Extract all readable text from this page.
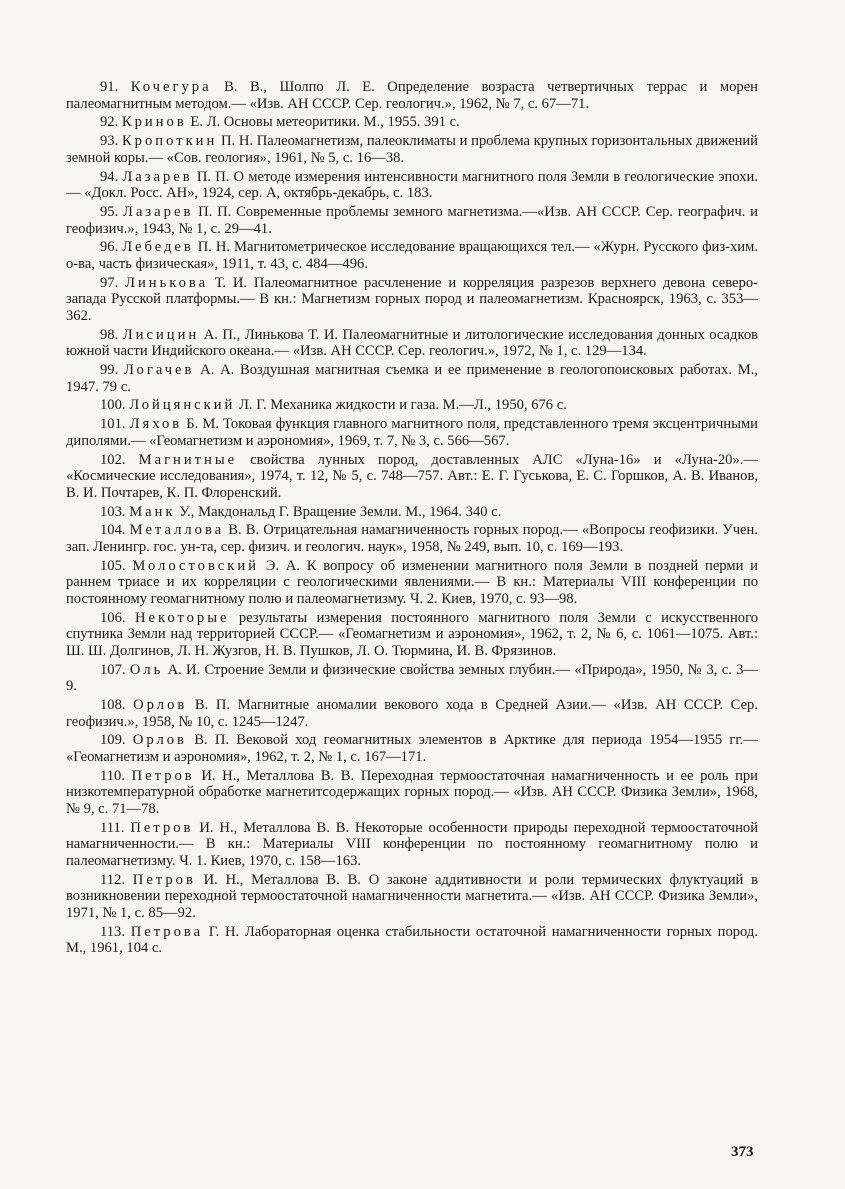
91. Кочегура В. В., Шолпо Л. Е. Определение возраста четвертичных террас и морен палеомагнитным методом.— «Изв. АН СССР. Сер. геологич.», 1962, № 7, с. 67—71.

92. Кринов Е. Л. Основы метеоритики. М., 1955. 391 с.

93. Кропоткин П. Н. Палеомагнетизм, палеоклиматы и проблема крупных горизонтальных движений земной коры.— «Сов. геология», 1961, № 5, с. 16—38.

94. Лазарев П. П. О методе измерения интенсивности магнитного поля Земли в геологические эпохи.— «Докл. Росс. АН», 1924, сер. А, октябрь-декабрь, с. 183.

95. Лазарев П. П. Современные проблемы земного магнетизма.—«Изв. АН СССР. Сер. географич. и геофизич.», 1943, № 1, с. 29—41.

96. Лебедев П. Н. Магнитометрическое исследование вращающихся тел.— «Журн. Русского физ-хим. о-ва, часть физическая», 1911, т. 43, с. 484—496.

97. Линькова Т. И. Палеомагнитное расчленение и корреляция разрезов верхнего девона северо-запада Русской платформы.— В кн.: Магнетизм горных пород и палеомагнетизм. Красноярск, 1963, с. 353—362.

98. Лисицин А. П., Линькова Т. И. Палеомагнитные и литологические исследования донных осадков южной части Индийского океана.— «Изв. АН СССР. Сер. геологич.», 1972, № 1, с. 129—134.

99. Логачев А. А. Воздушная магнитная съемка и ее применение в геологопоисковых работах. М., 1947. 79 с.

100. Лойцянский Л. Г. Механика жидкости и газа. М.—Л., 1950, 676 с.

101. Ляхов Б. М. Токовая функция главного магнитного поля, представленного тремя эксцентричными диполями.— «Геомагнетизм и аэрономия», 1969, т. 7, № 3, с. 566—567.

102. Магнитные свойства лунных пород, доставленных АЛС «Луна-16» и «Луна-20».— «Космические исследования», 1974, т. 12, № 5, с. 748—757. Авт.: Е. Г. Гуськова, Е. С. Горшков, А. В. Иванов, В. И. Почтарев, К. П. Флоренский.

103. Манк У., Макдональд Г. Вращение Земли. М., 1964. 340 с.

104. Металлова В. В. Отрицательная намагниченность горных пород.— «Вопросы геофизики. Учен. зап. Ленингр. гос. ун-та, сер. физич. и геологич. наук», 1958, № 249, вып. 10, с. 169—193.

105. Молостовский Э. А. К вопросу об изменении магнитного поля Земли в поздней перми и раннем триасе и их корреляции с геологическими явлениями.— В кн.: Материалы VIII конференции по постоянному геомагнитному полю и палеомагнетизму. Ч. 2. Киев, 1970, с. 93—98.

106. Некоторые результаты измерения постоянного магнитного поля Земли с искусственного спутника Земли над территорией СССР.— «Геомагнетизм и аэрономия», 1962, т. 2, № 6, с. 1061—1075. Авт.: Ш. Ш. Долгинов, Л. Н. Жузгов, Н. В. Пушков, Л. О. Тюрмина, И. В. Фрязинов.

107. Оль А. И. Строение Земли и физические свойства земных глубин.— «Природа», 1950, № 3, с. 3—9.

108. Орлов В. П. Магнитные аномалии векового хода в Средней Азии.— «Изв. АН СССР. Сер. геофизич.», 1958, № 10, с. 1245—1247.

109. Орлов В. П. Вековой ход геомагнитных элементов в Арктике для периода 1954—1955 гг.— «Геомагнетизм и аэрономия», 1962, т. 2, № 1, с. 167—171.

110. Петров И. Н., Металлова В. В. Переходная термоостаточная намагниченность и ее роль при низкотемпературной обработке магнетитсодержащих горных пород.— «Изв. АН СССР. Физика Земли», 1968, № 9, с. 71—78.

111. Петров И. Н., Металлова В. В. Некоторые особенности природы переходной термоостаточной намагниченности.— В кн.: Материалы VIII конференции по постоянному геомагнитному полю и палеомагнетизму. Ч. 1. Киев, 1970, с. 158—163.

112. Петров И. Н., Металлова В. В. О законе аддитивности и роли термических флуктуаций в возникновении переходной термоостаточной намагниченности магнетита.— «Изв. АН СССР. Физика Земли», 1971, № 1, с. 85—92.

113. Петрова Г. Н. Лабораторная оценка стабильности остаточной намагниченности горных пород. М., 1961, 104 с.

373
